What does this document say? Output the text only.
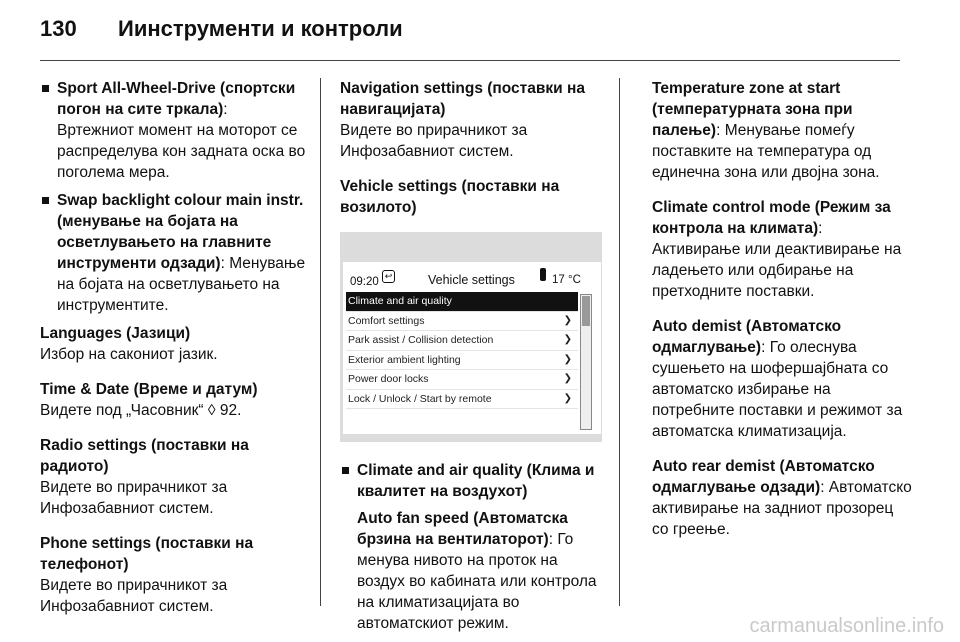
130 Иинструменти и контроли
Sport All-Wheel-Drive (спортски погон на сите тркала): Вртежниот момент на моторот се распределува кон задната оска во поголема мера.
Swap backlight colour main instr. (менување на бојата на осветлувањето на главните инструменти одзади): Менување на бојата на осветлувањето на инструментите.
Languages (Јазици)
Избор на сакониот јазик.
Time & Date (Време и датум)
Видете под „Часовник“ ◊ 92.
Radio settings (поставки на радиото)
Видете во прирачникот за Инфозабавниот систем.
Phone settings (поставки на телефонот)
Видете во прирачникот за Инфозабавниот систем.
Navigation settings (поставки на навигацијата)
Видете во прирачникот за Инфозабавниот систем.
Vehicle settings (поставки на возилото)
09:20 ↩	Vehicle settings	17 °C
Climate and air quality
Comfort settings	❯
Park assist / Collision detection	❯
Exterior ambient lighting	❯
Power door locks	❯
Lock / Unlock / Start by remote	❯
Climate and air quality (Клима и квалитет на воздухот)
Auto fan speed (Автоматска брзина на вентилаторот): Го менува нивото на проток на воздух во кабината или контрола на климатизацијата во автоматскиот режим.
Temperature zone at start (температурната зона при палење): Менување помеѓу поставките на температура од единечна зона или двојна зона.
Climate control mode (Режим за контрола на климата): Активирање или деактивирање на ладењето или одбирање на претходните поставки.
Auto demist (Автоматско одмаглување): Го олеснува сушењето на шофершајбната со автоматско избирање на потребните поставки и режимот за автоматска климатизација.
Auto rear demist (Автоматско одмаглување одзади): Автоматско активирање на задниот прозорец со греење.
carmanualsonline.info
